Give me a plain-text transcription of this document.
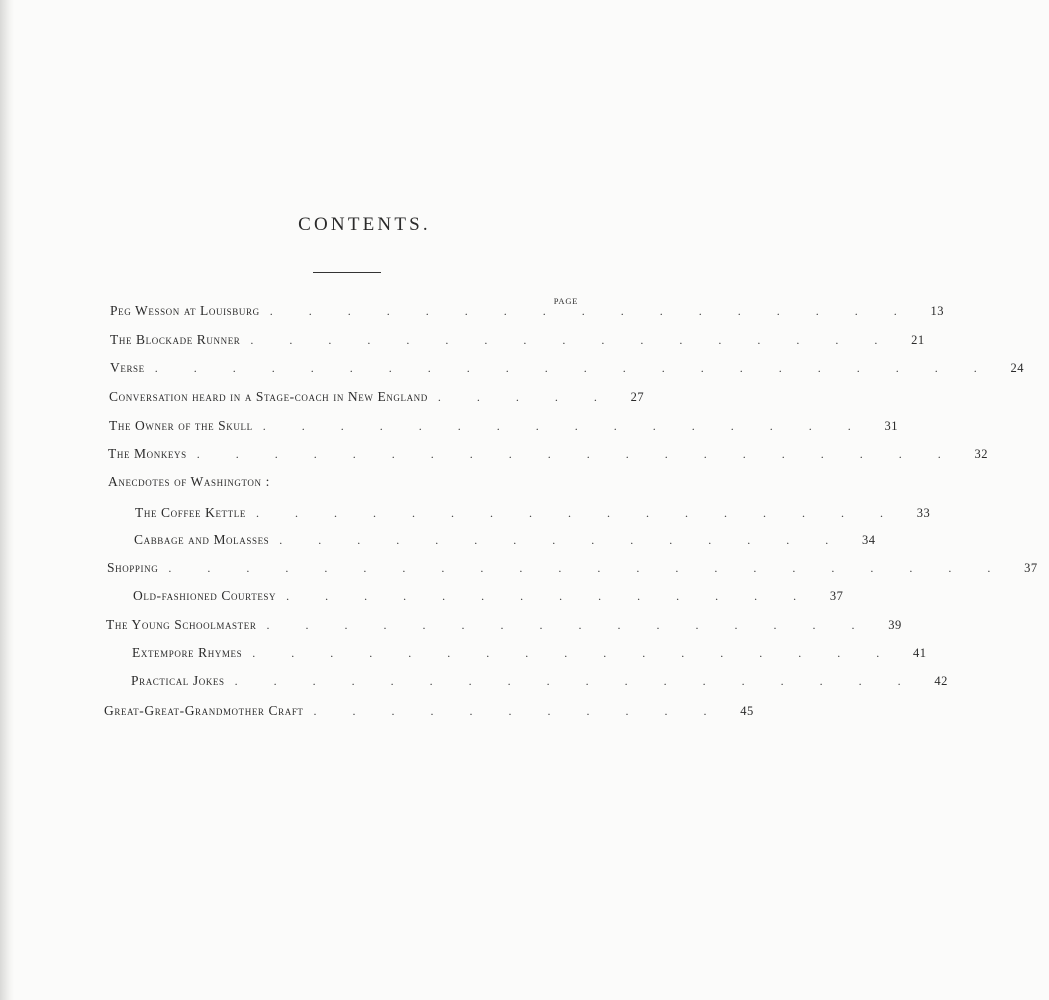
CONTENTS.
PAGE
Peg Wesson at Louisburg . . . . . . . . . . . . . . . . .	13
The Blockade Runner . . . . . . . . . . . . . . . . .	21
Verse . . . . . . . . . . . . . . . . . . . . . .	24
Conversation heard in a Stage-coach in New England . . . . .	27
The Owner of the Skull . . . . . . . . . . . . . . . .	31
The Monkeys . . . . . . . . . . . . . . . . . . . .	32
Anecdotes of Washington :
The Coffee Kettle . . . . . . . . . . . . . . . . .	33
Cabbage and Molasses . . . . . . . . . . . . . . .	34
Shopping . . . . . . . . . . . . . . . . . . . . . .	37
Old-fashioned Courtesy . . . . . . . . . . . . . .	37
The Young Schoolmaster . . . . . . . . . . . . . . . .	39
Extempore Rhymes . . . . . . . . . . . . . . . . .	41
Practical Jokes . . . . . . . . . . . . . . . . . .	42
Great-Great-Grandmother Craft . . . . . . . . . . .	45
